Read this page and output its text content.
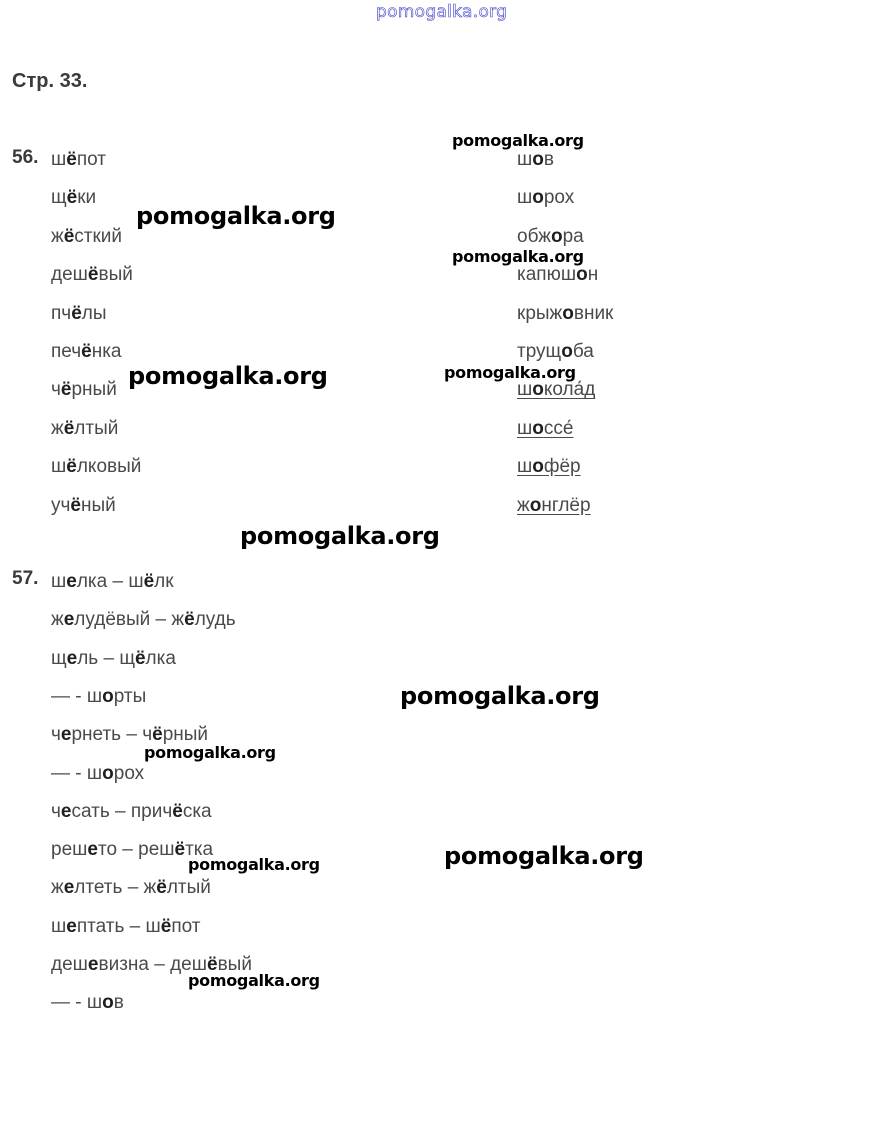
pomogalka.org
Стр. 33.
56. шёпот
щёки
жёсткий
дешёвый
пчёлы
печёнка
чёрный
жёлтый
шёлковый
учёный
шов
шорох
обжора
капюшон
крыжовник
трущоба
шокола́д
шоссе́
шофёр
жонглёр
57. шелка – шёлк
желудёвый – жёлудь
щель – щёлка
— - шорты
чернеть – чёрный
— - шорох
чесать – причёска
решето – решётка
желтеть – жёлтый
шептать – шёпот
дешевизна – дешёвый
— - шов
pomogalka.org
pomogalka.org
pomogalka.org
pomogalka.org	pomogalka.org
pomogalka.org
pomogalka.org
pomogalka.org
pomogalka.org
pomogalka.org
pomogalka.org
